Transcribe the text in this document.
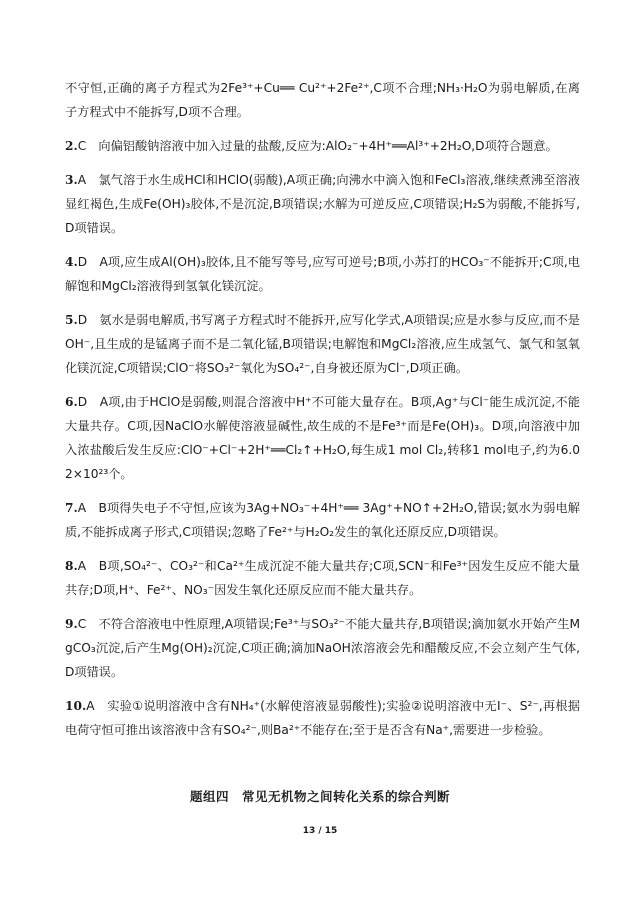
不守恒,正确的离子方程式为2Fe³⁺+Cu══ Cu²⁺+2Fe²⁺,C项不合理;NH₃·H₂O为弱电解质,在离子方程式中不能拆写,D项不合理。

2.C　向偏铝酸钠溶液中加入过量的盐酸,反应为:AlO₂⁻+4H⁺══Al³⁺+2H₂O,D项符合题意。

3.A　氯气溶于水生成HCl和HClO(弱酸),A项正确;向沸水中滴入饱和FeCl₃溶液,继续煮沸至溶液显红褐色,生成Fe(OH)₃胶体,不是沉淀,B项错误;水解为可逆反应,C项错误;H₂S为弱酸,不能拆写,D项错误。

4.D　A项,应生成Al(OH)₃胶体,且不能写等号,应写可逆号;B项,小苏打的HCO₃⁻不能拆开;C项,电解饱和MgCl₂溶液得到氢氧化镁沉淀。

5.D　氨水是弱电解质,书写离子方程式时不能拆开,应写化学式,A项错误;应是水参与反应,而不是OH⁻,且生成的是锰离子而不是二氧化锰,B项错误;电解饱和MgCl₂溶液,应生成氢气、氯气和氢氧化镁沉淀,C项错误;ClO⁻将SO₃²⁻氧化为SO₄²⁻,自身被还原为Cl⁻,D项正确。

6.D　A项,由于HClO是弱酸,则混合溶液中H⁺不可能大量存在。B项,Ag⁺与Cl⁻能生成沉淀,不能大量共存。C项,因NaClO水解使溶液显碱性,故生成的不是Fe³⁺而是Fe(OH)₃。D项,向溶液中加入浓盐酸后发生反应:ClO⁻+Cl⁻+2H⁺══Cl₂↑+H₂O,每生成1 mol Cl₂,转移1 mol电子,约为6.02×10²³个。

7.A　B项得失电子不守恒,应该为3Ag+NO₃⁻+4H⁺══ 3Ag⁺+NO↑+2H₂O,错误;氨水为弱电解质,不能拆成离子形式,C项错误;忽略了Fe²⁺与H₂O₂发生的氧化还原反应,D项错误。

8.A　B项,SO₄²⁻、CO₃²⁻和Ca²⁺生成沉淀不能大量共存;C项,SCN⁻和Fe³⁺因发生反应不能大量共存;D项,H⁺、Fe²⁺、NO₃⁻因发生氧化还原反应而不能大量共存。

9.C　不符合溶液电中性原理,A项错误;Fe³⁺与SO₃²⁻不能大量共存,B项错误;滴加氨水开始产生MgCO₃沉淀,后产生Mg(OH)₂沉淀,C项正确;滴加NaOH浓溶液会先和醋酸反应,不会立刻产生气体,D项错误。

10.A　实验①说明溶液中含有NH₄⁺(水解使溶液显弱酸性);实验②说明溶液中无I⁻、S²⁻,再根据电荷守恒可推出该溶液中含有SO₄²⁻,则Ba²⁺不能存在;至于是否含有Na⁺,需要进一步检验。

题组四　常见无机物之间转化关系的综合判断
13 / 15
